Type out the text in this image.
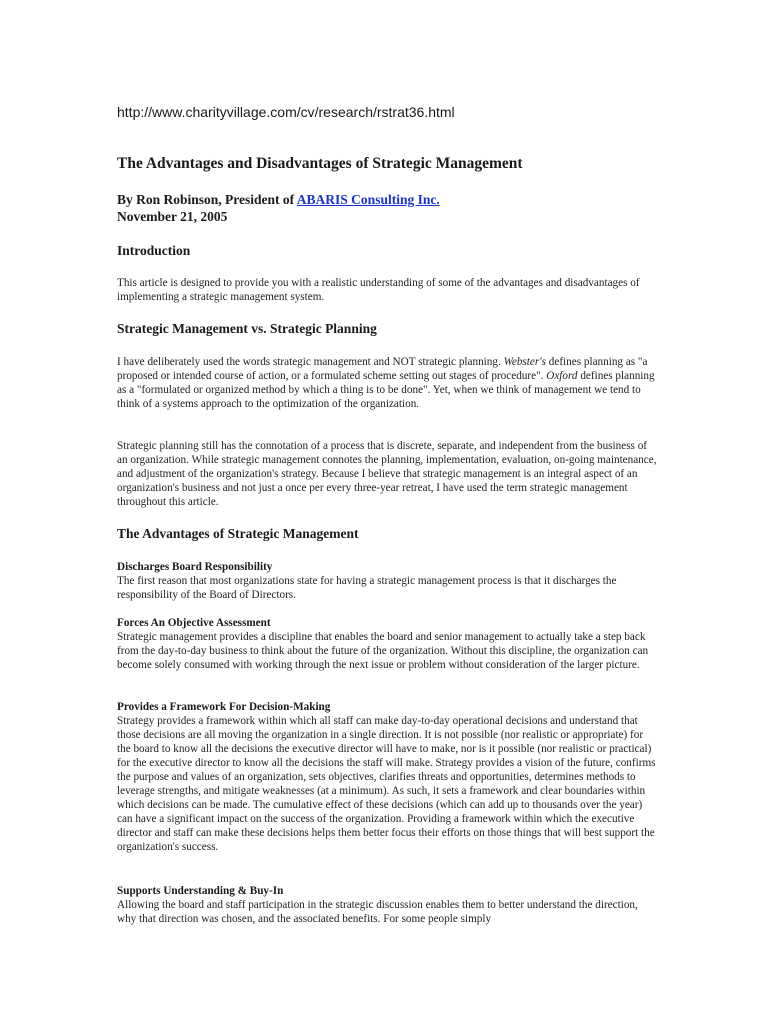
http://www.charityvillage.com/cv/research/rstrat36.html
The Advantages and Disadvantages of Strategic Management
By Ron Robinson, President of ABARIS Consulting Inc.
November 21, 2005
Introduction

This article is designed to provide you with a realistic understanding of some of the advantages and disadvantages of implementing a strategic management system.

Strategic Management vs. Strategic Planning

I have deliberately used the words strategic management and NOT strategic planning. Webster's defines planning as "a proposed or intended course of action, or a formulated scheme setting out stages of procedure". Oxford defines planning as a "formulated or organized method by which a thing is to be done". Yet, when we think of management we tend to think of a systems approach to the optimization of the organization.

Strategic planning still has the connotation of a process that is discrete, separate, and independent from the business of an organization. While strategic management connotes the planning, implementation, evaluation, on-going maintenance, and adjustment of the organization's strategy. Because I believe that strategic management is an integral aspect of an organization's business and not just a once per every three-year retreat, I have used the term strategic management throughout this article.

The Advantages of Strategic Management
Discharges Board Responsibility

The first reason that most organizations state for having a strategic management process is that it discharges the responsibility of the Board of Directors.

Forces An Objective Assessment

Strategic management provides a discipline that enables the board and senior management to actually take a step back from the day-to-day business to think about the future of the organization. Without this discipline, the organization can become solely consumed with working through the next issue or problem without consideration of the larger picture.

Provides a Framework For Decision-Making

Strategy provides a framework within which all staff can make day-to-day operational decisions and understand that those decisions are all moving the organization in a single direction. It is not possible (nor realistic or appropriate) for the board to know all the decisions the executive director will have to make, nor is it possible (nor realistic or practical) for the executive director to know all the decisions the staff will make. Strategy provides a vision of the future, confirms the purpose and values of an organization, sets objectives, clarifies threats and opportunities, determines methods to leverage strengths, and mitigate weaknesses (at a minimum). As such, it sets a framework and clear boundaries within which decisions can be made. The cumulative effect of these decisions (which can add up to thousands over the year) can have a significant impact on the success of the organization. Providing a framework within which the executive director and staff can make these decisions helps them better focus their efforts on those things that will best support the organization's success.

Supports Understanding & Buy-In

Allowing the board and staff participation in the strategic discussion enables them to better understand the direction, why that direction was chosen, and the associated benefits. For some people simply
